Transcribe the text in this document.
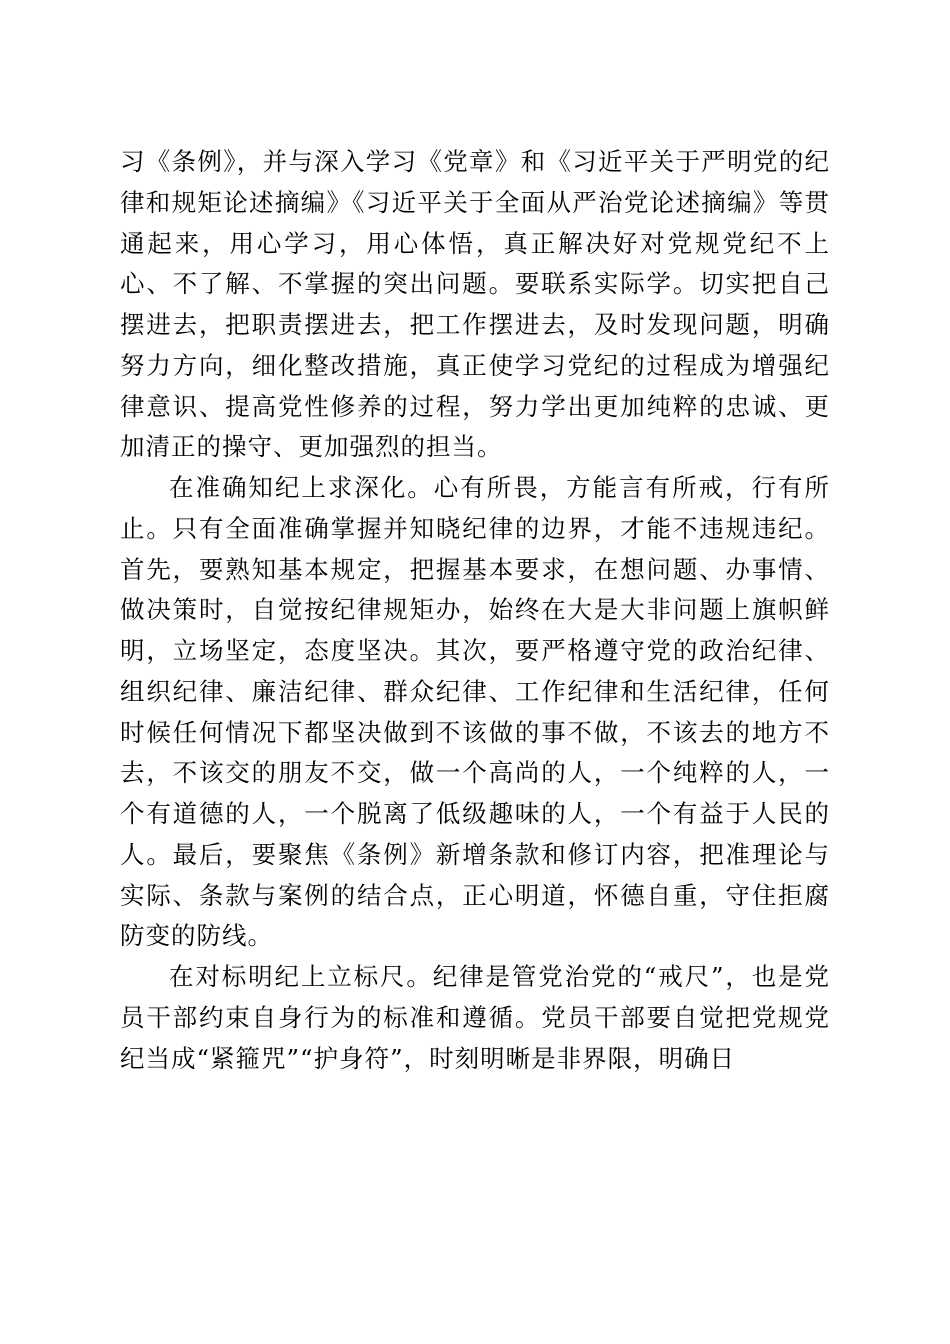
习《条例》，并与深入学习《党章》和《习近平关于严明党的纪律和规矩论述摘编》《习近平关于全面从严治党论述摘编》等贯通起来，用心学习，用心体悟，真正解决好对党规党纪不上心、不了解、不掌握的突出问题。要联系实际学。切实把自己摆进去，把职责摆进去，把工作摆进去，及时发现问题，明确努力方向，细化整改措施，真正使学习党纪的过程成为增强纪律意识、提高党性修养的过程，努力学出更加纯粹的忠诚、更加清正的操守、更加强烈的担当。

在准确知纪上求深化。心有所畏，方能言有所戒，行有所止。只有全面准确掌握并知晓纪律的边界，才能不违规违纪。首先，要熟知基本规定，把握基本要求，在想问题、办事情、做决策时，自觉按纪律规矩办，始终在大是大非问题上旗帜鲜明，立场坚定，态度坚决。其次，要严格遵守党的政治纪律、组织纪律、廉洁纪律、群众纪律、工作纪律和生活纪律，任何时候任何情况下都坚决做到不该做的事不做，不该去的地方不去，不该交的朋友不交，做一个高尚的人，一个纯粹的人，一个有道德的人，一个脱离了低级趣味的人，一个有益于人民的人。最后，要聚焦《条例》新增条款和修订内容，把准理论与实际、条款与案例的结合点，正心明道，怀德自重，守住拒腐防变的防线。

在对标明纪上立标尺。纪律是管党治党的“戒尺”，也是党员干部约束自身行为的标准和遵循。党员干部要自觉把党规党纪当成“紧箍咒”“护身符”，时刻明晰是非界限，明确日
